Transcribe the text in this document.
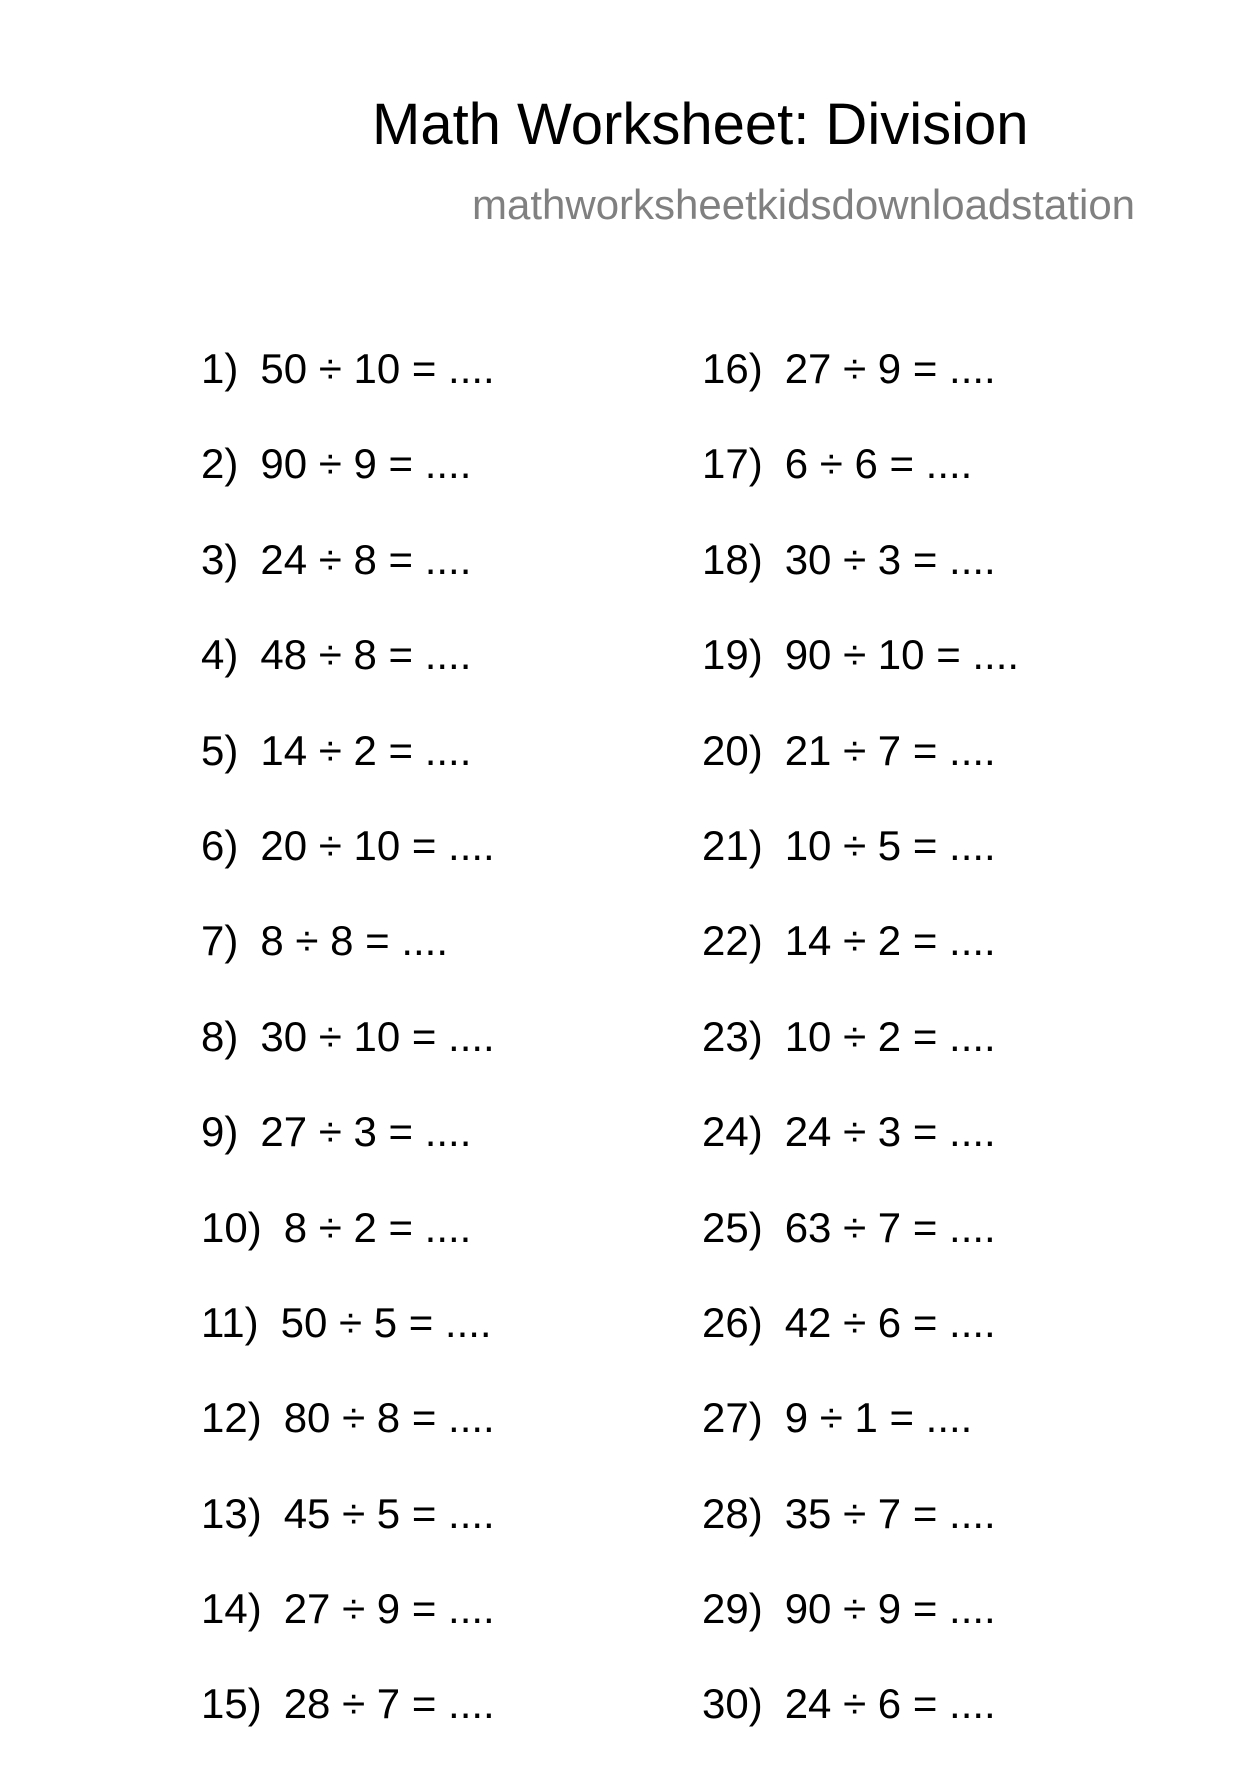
Math Worksheet: Division
mathworksheetkidsdownloadstation
1) 50 ÷ 10 = ....
2) 90 ÷ 9 = ....
3) 24 ÷ 8 = ....
4) 48 ÷ 8 = ....
5) 14 ÷ 2 = ....
6) 20 ÷ 10 = ....
7) 8 ÷ 8 = ....
8) 30 ÷ 10 = ....
9) 27 ÷ 3 = ....
10) 8 ÷ 2 = ....
11) 50 ÷ 5 = ....
12) 80 ÷ 8 = ....
13) 45 ÷ 5 = ....
14) 27 ÷ 9 = ....
15) 28 ÷ 7 = ....
16) 27 ÷ 9 = ....
17) 6 ÷ 6 = ....
18) 30 ÷ 3 = ....
19) 90 ÷ 10 = ....
20) 21 ÷ 7 = ....
21) 10 ÷ 5 = ....
22) 14 ÷ 2 = ....
23) 10 ÷ 2 = ....
24) 24 ÷ 3 = ....
25) 63 ÷ 7 = ....
26) 42 ÷ 6 = ....
27) 9 ÷ 1 = ....
28) 35 ÷ 7 = ....
29) 90 ÷ 9 = ....
30) 24 ÷ 6 = ....
